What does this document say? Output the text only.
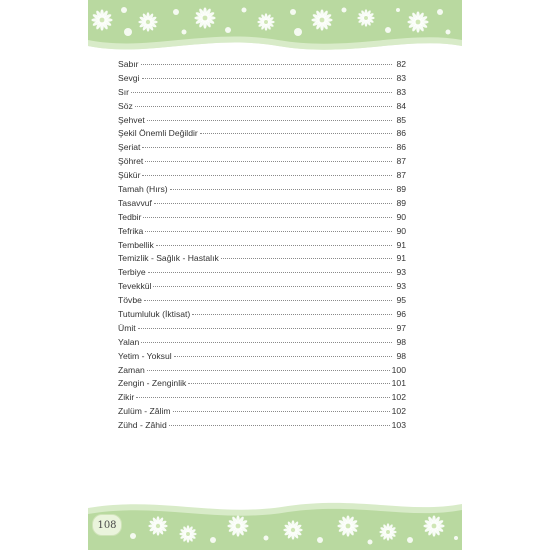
Sabır	82
Sevgi	83
Sır	83
Söz	84
Şehvet	85
Şekil Önemli Değildir	86
Şeriat	86
Şöhret	87
Şükür	87
Tamah (Hırs)	89
Tasavvuf	89
Tedbir	90
Tefrika	90
Tembellik	91
Temizlik - Sağlık - Hastalık	91
Terbiye	93
Tevekkül	93
Tövbe	95
Tutumluluk (İktisat)	96
Ümit	97
Yalan	98
Yetim - Yoksul	98
Zaman	100
Zengin - Zenginlik	101
Zikir	102
Zulüm - Zâlim	102
Zühd - Zâhid	103
108
